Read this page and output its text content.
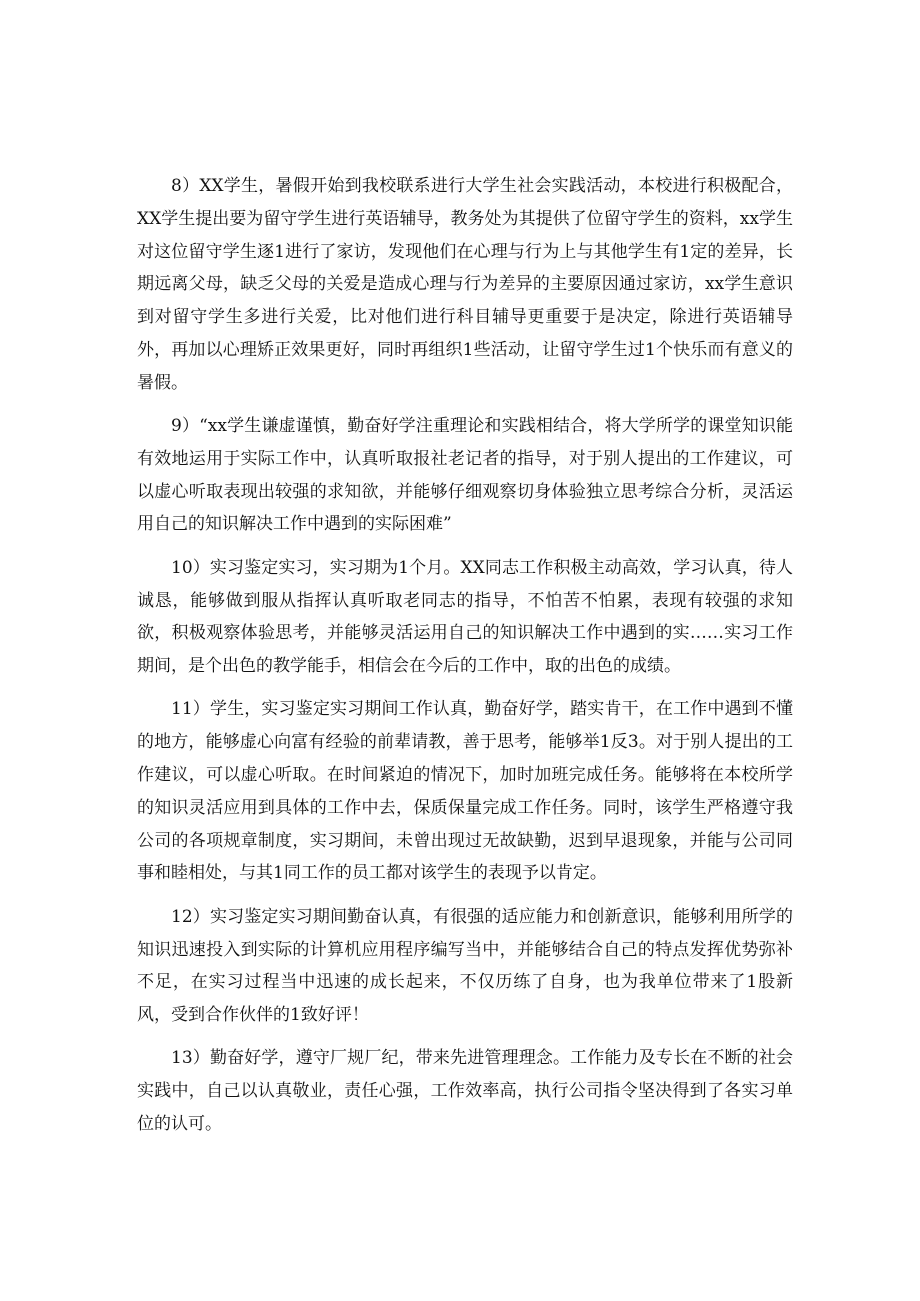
8）XX学生，暑假开始到我校联系进行大学生社会实践活动，本校进行积极配合，XX学生提出要为留守学生进行英语辅导，教务处为其提供了位留守学生的资料，xx学生对这位留守学生逐1进行了家访，发现他们在心理与行为上与其他学生有1定的差异，长期远离父母，缺乏父母的关爱是造成心理与行为差异的主要原因通过家访，xx学生意识到对留守学生多进行关爱，比对他们进行科目辅导更重要于是决定，除进行英语辅导外，再加以心理矫正效果更好，同时再组织1些活动，让留守学生过1个快乐而有意义的暑假。

9）“xx学生谦虚谨慎，勤奋好学注重理论和实践相结合，将大学所学的课堂知识能有效地运用于实际工作中，认真听取报社老记者的指导，对于别人提出的工作建议，可以虚心听取表现出较强的求知欲，并能够仔细观察切身体验独立思考综合分析，灵活运用自己的知识解决工作中遇到的实际困难”

10）实习鉴定实习，实习期为1个月。XX同志工作积极主动高效，学习认真，待人诚恳，能够做到服从指挥认真听取老同志的指导，不怕苦不怕累，表现有较强的求知欲，积极观察体验思考，并能够灵活运用自己的知识解决工作中遇到的实……实习工作期间，是个出色的教学能手，相信会在今后的工作中，取的出色的成绩。

11）学生，实习鉴定实习期间工作认真，勤奋好学，踏实肯干，在工作中遇到不懂的地方，能够虚心向富有经验的前辈请教，善于思考，能够举1反3。对于别人提出的工作建议，可以虚心听取。在时间紧迫的情况下，加时加班完成任务。能够将在本校所学的知识灵活应用到具体的工作中去，保质保量完成工作任务。同时，该学生严格遵守我公司的各项规章制度，实习期间，未曾出现过无故缺勤，迟到早退现象，并能与公司同事和睦相处，与其1同工作的员工都对该学生的表现予以肯定。

12）实习鉴定实习期间勤奋认真，有很强的适应能力和创新意识，能够利用所学的知识迅速投入到实际的计算机应用程序编写当中，并能够结合自己的特点发挥优势弥补不足，在实习过程当中迅速的成长起来，不仅历练了自身，也为我单位带来了1股新风，受到合作伙伴的1致好评！

13）勤奋好学，遵守厂规厂纪，带来先进管理理念。工作能力及专长在不断的社会实践中，自己以认真敬业，责任心强，工作效率高，执行公司指令坚决得到了各实习单位的认可。
